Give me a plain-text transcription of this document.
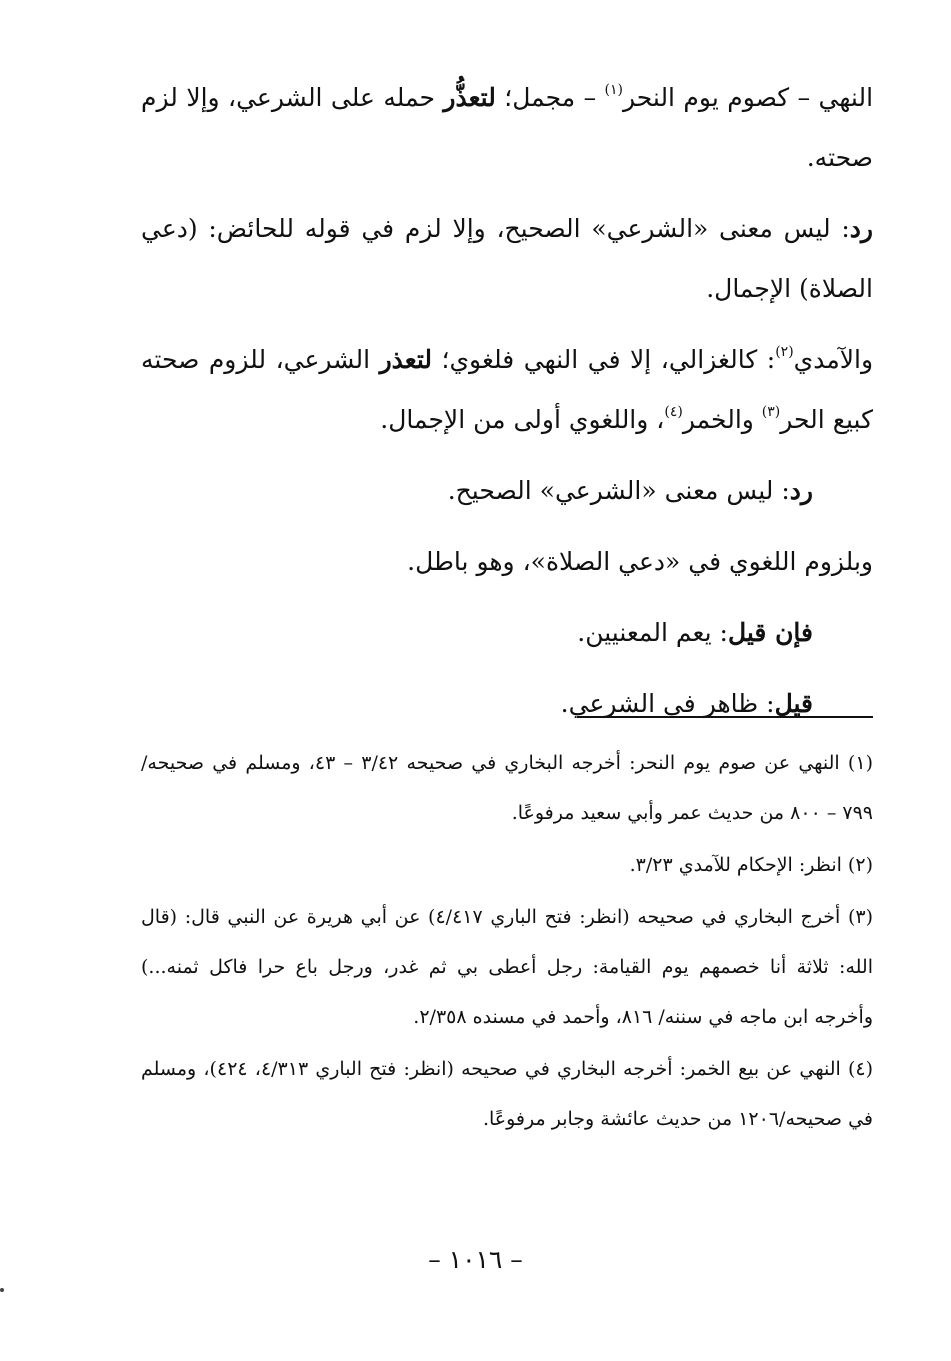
النهي – كصوم يوم النحر$^{(١)}$ – مجمل؛ لتعذُّر حمله على الشرعي، وإلا لزم صحته.

رد: ليس معنى «الشرعي» الصحيح، وإلا لزم في قوله للحائض: (دعي الصلاة) الإجمال.

والآمدي$^{(٢)}$: كالغزالي، إلا في النهي فلغوي؛ لتعذر الشرعي، للزوم صحته كبيع الحر$^{(٣)}$ والخمر$^{(٤)}$، واللغوي أولى من الإجمال.

رد: ليس معنى «الشرعي» الصحيح.

وبلزوم اللغوي في «دعي الصلاة»، وهو باطل.

فإن قيل: يعم المعنيين.

قيل: ظاهر في الشرعي.

(١) النهي عن صوم يوم النحر: أخرجه البخاري في صحيحه ٣/٤٢ – ٤٣، ومسلم في صحيحه/ ٧٩٩ – ٨٠٠ من حديث عمر وأبي سعيد مرفوعًا.

(٢) انظر: الإحكام للآمدي ٣/٢٣.

(٣) أخرج البخاري في صحيحه (انظر: فتح الباري ٤/٤١٧) عن أبي هريرة عن النبي قال: (قال الله: ثلاثة أنا خصمهم يوم القيامة: رجل أعطى بي ثم غدر، ورجل باع حرا فاكل ثمنه...) وأخرجه ابن ماجه في سننه/ ٨١٦، وأحمد في مسنده ٢/٣٥٨.

(٤) النهي عن بيع الخمر: أخرجه البخاري في صحيحه (انظر: فتح الباري ٤/٣١٣، ٤٢٤)، ومسلم في صحيحه/١٢٠٦ من حديث عائشة وجابر مرفوعًا.

– ١٠١٦ –
